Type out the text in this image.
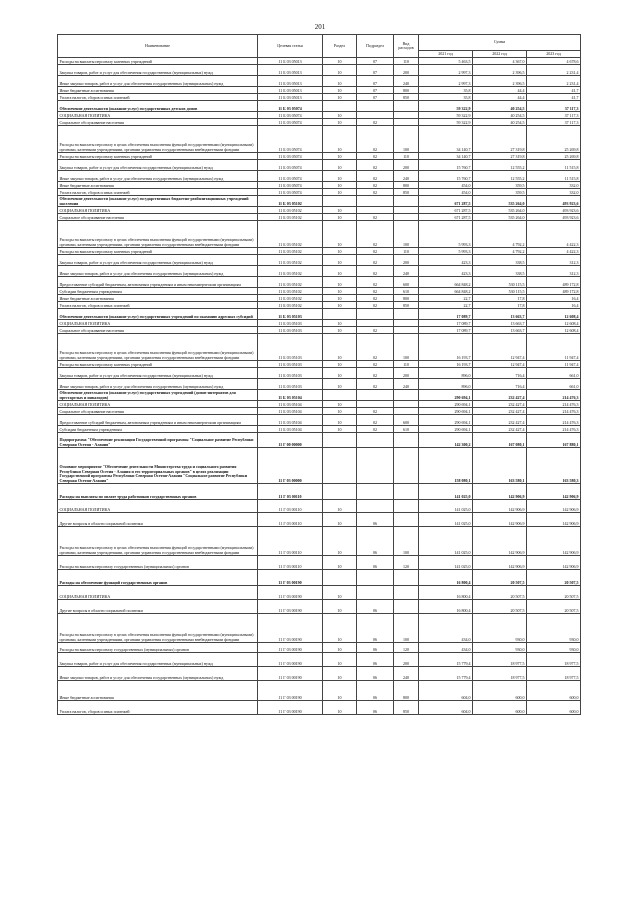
201
Наименование	Целевая статья	Раздел	Подраздел	Вид расходов	Сумма		
					2021 год	2022 год	2023 год
Расходы на выплаты персоналу казенных учреждений	11 Б 03 05013	10	07	110	5 463,5	4 367,0	4 678,6
Закупка товаров, работ и услуг для обеспечения государственных (муниципальных) нужд	11 Б 03 05013	10	07	200	2 997,3	2 396,5	2 231,4
Иные закупки товаров, работ и услуг для обеспечения государственных (муниципальных) нужд	11 Б 03 05013	10	07	240	2 997,3	2 396,5	2 231,4
Иные бюджетные ассигнования	11 Б 03 05013	10	07	800	35,8	44,4	41,7
Уплата налогов, сборов и иных платежей	11 Б 03 05013	10	07	850	35,8	44,4	41,7
Обеспечение деятельности (оказание услуг) государственных детских домов	11 Б 03 05074				59 322,9	40 254,5	37 117,3
СОЦИАЛЬНАЯ ПОЛИТИКА	11 Б 03 05074	10			59 322,9	40 254,5	37 117,3
Социальное обслуживание населения	11 Б 03 05074	10	02		59 322,9	40 254,5	37 117,3
Расходы на выплаты персоналу в целях обеспечения выполнения функций государственными (муниципальными) органами, казенными учреждениями, органами управления государственными внебюджетными фондами	11 Б 03 05074	10	02	100	34 140,7	27 319,8	25 269,8
Расходы на выплаты персоналу казенных учреждений	11 Б 03 05074	10	02	110	34 140,7	27 319,8	25 269,8
Закупка товаров, работ и услуг для обеспечения государственных (муниципальных) нужд	11 Б 03 05074	10	02	200	15 760,7	12 555,2	11 515,8
Иные закупки товаров, работ и услуг для обеспечения государственных (муниципальных) нужд	11 Б 03 05074	10	02	240	15 760,7	12 555,2	11 515,8
Иные бюджетные ассигнования	11 Б 03 05074	10	02	800	454,0	359,5	332,0
Уплата налогов, сборов и иных платежей	11 Б 03 05074	10	02	850	454,0	359,5	332,0
Обеспечение деятельности (оказание услуг) государственных бюджетно-реабилитационных учреждений населения	11 Б 03 05102				671 287,5	535 264,0	493 923,6
СОЦИАЛЬНАЯ ПОЛИТИКА	11 Б 03 05102	10			671 287,5	535 264,0	493 923,6
Социальное обслуживание населения	11 Б 03 05102	10	02		671 287,5	535 264,0	493 923,6
Расходы на выплаты персоналу в целях обеспечения выполнения функций государственными (муниципальными) органами, казенными учреждениями, органами управления государственными внебюджетными фондами	11 Б 03 05102	10	02	100	5 993,3	4 792,2	4 422,3
Расходы на выплаты персоналу казенных учреждений	11 Б 03 05102	10	02	110	5 993,3	4 792,2	4 422,3
Закупка товаров, работ и услуг для обеспечения государственных (муниципальных) нужд	11 Б 03 05102	10	02	200	423,3	338,5	312,3
Иные закупки товаров, работ и услуг для обеспечения государственных (муниципальных) нужд	11 Б 03 05102	10	02	240	423,3	338,5	312,3
Предоставление субсидий бюджетным, автономным учреждениям и иным некоммерческим организациям	11 Б 03 05102	10	02	600	664 848,2	530 115,5	489 172,8
Субсидии бюджетным учреждениям	11 Б 03 05102	10	02	610	664 848,2	530 115,5	489 172,8
Иные бюджетные ассигнования	11 Б 03 05102	10	02	800	22,7	17,8	16,4
Уплата налогов, сборов и иных платежей	11 Б 03 05102	10	02	850	22,7	17,8	16,4
Обеспечение деятельности (оказание услуг) государственных учреждений по оказанию адресных субсидий	11 Б 03 05103				17 089,7	13 663,7	12 608,4
СОЦИАЛЬНАЯ ПОЛИТИКА	11 Б 03 05103	10			17 089,7	13 663,7	12 608,4
Социальное обслуживание населения	11 Б 03 05103	10	02		17 089,7	13 663,7	12 608,4
Расходы на выплаты персоналу в целях обеспечения выполнения функций государственными (муниципальными) органами, казенными учреждениями, органами управления государственными внебюджетными фондами	11 Б 03 05103	10	02	100	16 193,7	12 947,4	11 947,4
Расходы на выплаты персоналу казенных учреждений	11 Б 03 05103	10	02	110	16 193,7	12 947,4	11 947,4
Закупка товаров, работ и услуг для обеспечения государственных (муниципальных) нужд	11 Б 03 05103	10	02	200	896,0	716,4	661,0
Иные закупки товаров, работ и услуг для обеспечения государственных (муниципальных) нужд	11 Б 03 05103	10	02	240	896,0	716,4	661,0
Обеспечение деятельности (оказание услуг) государственных учреждений (домов-интернатов для престарелых и инвалидов)	11 Б 03 05104				290 694,1	232 427,4	214 476,3
СОЦИАЛЬНАЯ ПОЛИТИКА	11 Б 03 05104	10			290 694,1	232 427,4	214 476,3
Социальное обслуживание населения	11 Б 03 05104	10	02		290 694,1	232 427,4	214 476,3
Предоставление субсидий бюджетным, автономным учреждениям и иным некоммерческим организациям	11 Б 03 05104	10	02	600	290 694,1	232 427,4	214 476,3
Субсидии бюджетным учреждениям	11 Б 03 05104	10	02	610	290 694,1	232 427,4	214 476,3
Подпрограмма "Обеспечение реализации Государственной программы "Социальное развитие Республики Северная Осетия - Алания"	11 Г 00 00000				142 300,2	167 080,1	167 880,1
Основное мероприятие "Обеспечение деятельности Министерства труда и социального развития Республики Северная Осетия - Алания и его территориальных органов" в целях реализации Государственной программы Республики Северная Осетия-Алания "Социальное развитие Республики Северная Осетия-Алания"	11 Г 03 00000				158 080,1	163 580,1	163 580,3
Расходы на выплаты по оплате труда работников государственных органов	11 Г 03 00110				141 025,0	142 906,9	142 906,9
СОЦИАЛЬНАЯ ПОЛИТИКА	11 Г 03 00110	10			141 025,0	142 906,9	142 906,9
Другие вопросы в области социальной политики	11 Г 03 00110	10	06		141 025,0	142 906,9	142 906,9
Расходы на выплаты персоналу в целях обеспечения выполнения функций государственными (муниципальными) органами, казенными учреждениями, органами управления государственными внебюджетными фондами	11 Г 03 00110	10	06	100	141 025,0	142 906,9	142 906,9
Расходы на выплаты персоналу государственных (муниципальных) органов	11 Г 03 00110	10	06	120	141 025,0	142 906,9	142 906,9
Расходы на обеспечение функций государственных органов	11 Г 03 00190				16 800,4	20 507,5	20 507,5
СОЦИАЛЬНАЯ ПОЛИТИКА	11 Г 03 00190	10			16 800,4	20 507,5	20 507,5
Другие вопросы в области социальной политики	11 Г 03 00190	10	06		16 800,4	20 507,5	20 507,5
Расходы на выплаты персоналу в целях обеспечения выполнения функций государственными (муниципальными) органами, казенными учреждениями, органами управления государственными внебюджетными фондами	11 Г 03 00190	10	06	100	434,0	930,0	930,0
Расходы на выплаты персоналу государственных (муниципальных) органов	11 Г 03 00190	10	06	120	434,0	930,0	930,0
Закупка товаров, работ и услуг для обеспечения государственных (муниципальных) нужд	11 Г 03 00190	10	06	200	15 779,4	18 977,5	18 977,5
Иные закупки товаров, работ и услуг для обеспечения государственных (муниципальных) нужд	11 Г 03 00190	10	06	240	15 779,4	18 977,5	18 977,5
Иные бюджетные ассигнования	11 Г 03 00190	10	06	800	604,0	600,0	600,0
Уплата налогов, сборов и иных платежей	11 Г 03 00190	10	06	850	604,0	600,0	600,0
